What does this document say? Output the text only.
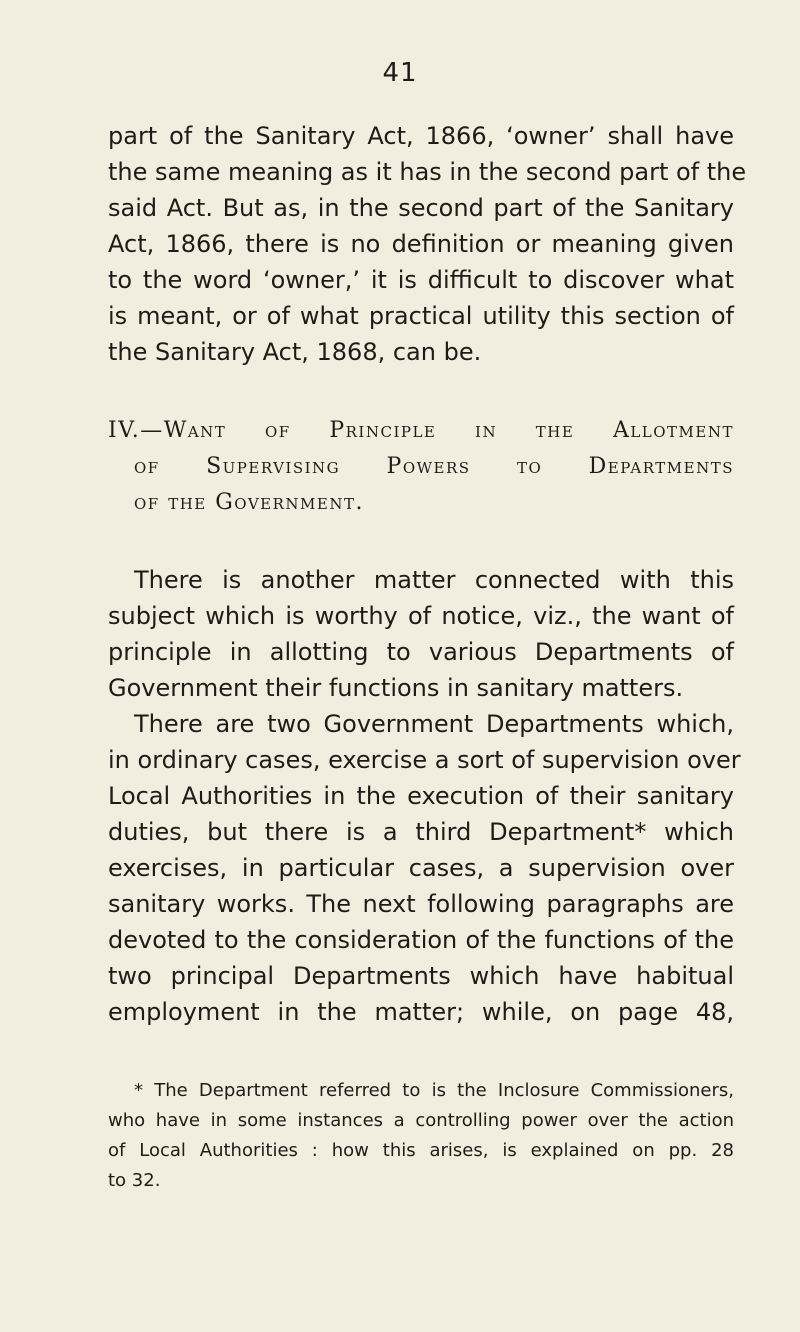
41
part of the Sanitary Act, 1866, ‘owner’ shall have
the same meaning as it has in the second part of the
said Act. But as, in the second part of the Sanitary
Act, 1866, there is no definition or meaning given
to the word ‘owner,’ it is difficult to discover what
is meant, or of what practical utility this section of
the Sanitary Act, 1868, can be.
IV.—Want of Principle in the Allotment
of Supervising Powers to Departments
of the Government.
There is another matter connected with this
subject which is worthy of notice, viz., the want of
principle in allotting to various Departments of
Government their functions in sanitary matters.
There are two Government Departments which,
in ordinary cases, exercise a sort of supervision over
Local Authorities in the execution of their sanitary
duties, but there is a third Department* which
exercises, in particular cases, a supervision over
sanitary works. The next following paragraphs are
devoted to the consideration of the functions of the
two principal Departments which have habitual
employment in the matter; while, on page 48,
* The Department referred to is the Inclosure Commissioners,
who have in some instances a controlling power over the action
of Local Authorities : how this arises, is explained on pp. 28
to 32.
